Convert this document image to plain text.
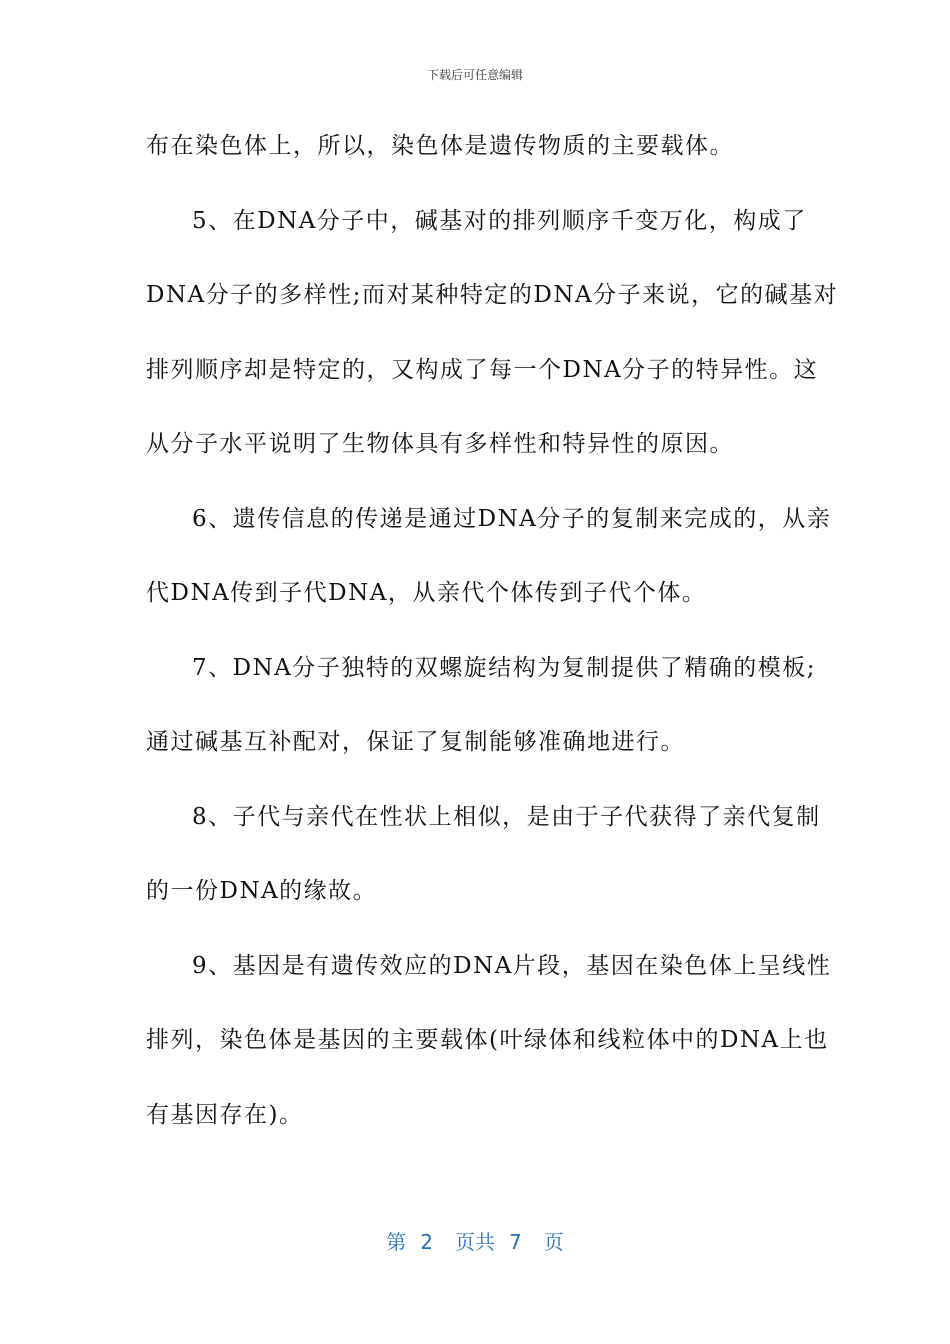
下载后可任意编辑
布在染色体上，所以，染色体是遗传物质的主要载体。
5、在DNA分子中，碱基对的排列顺序千变万化，构成了
DNA分子的多样性;而对某种特定的DNA分子来说，它的碱基对
排列顺序却是特定的，又构成了每一个DNA分子的特异性。这
从分子水平说明了生物体具有多样性和特异性的原因。
6、遗传信息的传递是通过DNA分子的复制来完成的，从亲
代DNA传到子代DNA，从亲代个体传到子代个体。
7、DNA分子独特的双螺旋结构为复制提供了精确的模板;
通过碱基互补配对，保证了复制能够准确地进行。
8、子代与亲代在性状上相似，是由于子代获得了亲代复制
的一份DNA的缘故。
9、基因是有遗传效应的DNA片段，基因在染色体上呈线性
排列，染色体是基因的主要载体(叶绿体和线粒体中的DNA上也
有基因存在)。
第 2 页共 7 页
